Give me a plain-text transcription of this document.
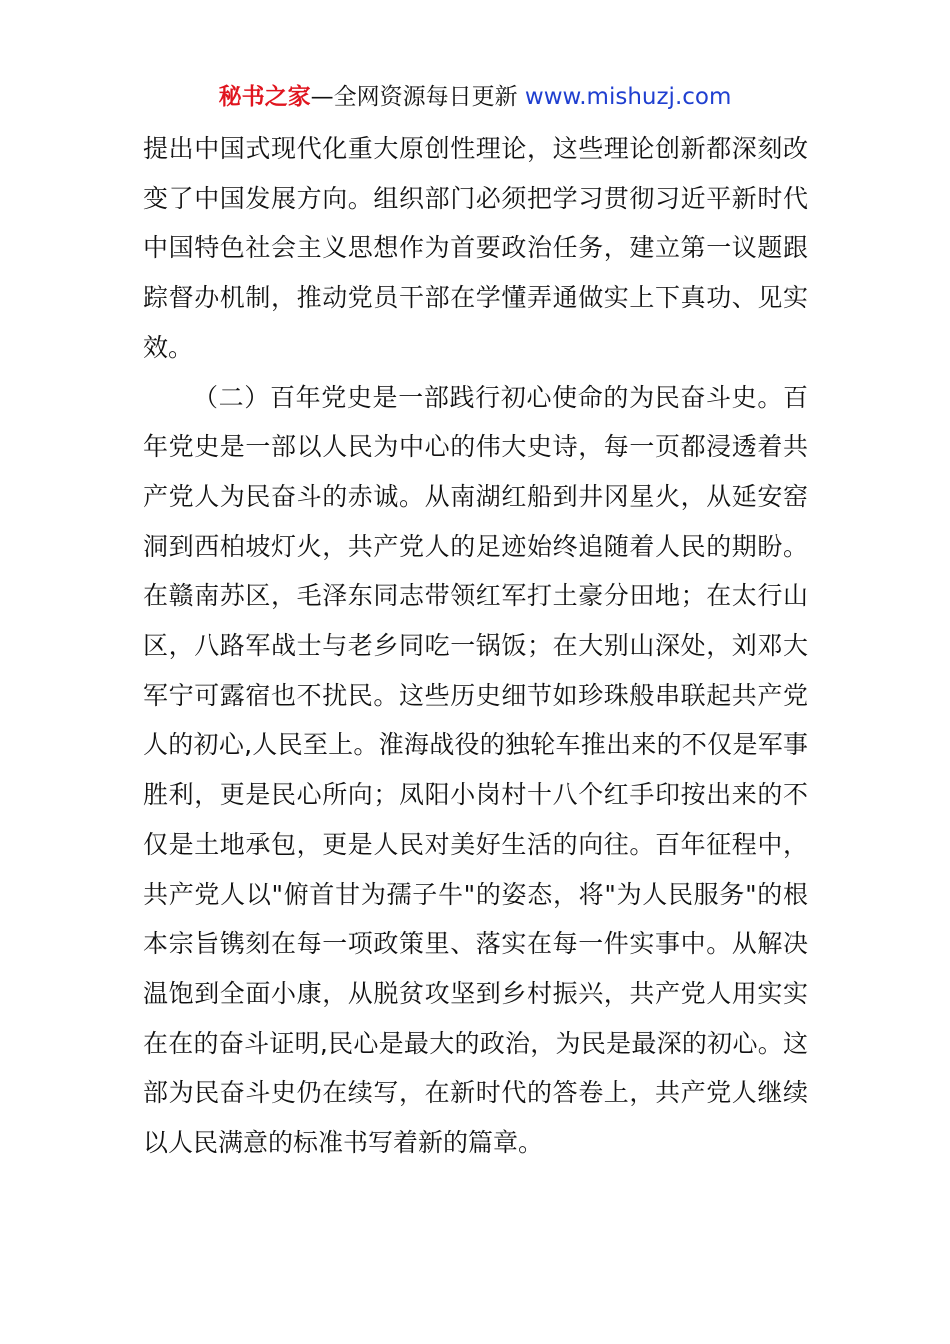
秘书之家—全网资源每日更新 www.mishuzj.com

提出中国式现代化重大原创性理论，这些理论创新都深刻改变了中国发展方向。组织部门必须把学习贯彻习近平新时代中国特色社会主义思想作为首要政治任务，建立第一议题跟踪督办机制，推动党员干部在学懂弄通做实上下真功、见实效。

（二）百年党史是一部践行初心使命的为民奋斗史。百年党史是一部以人民为中心的伟大史诗，每一页都浸透着共产党人为民奋斗的赤诚。从南湖红船到井冈星火，从延安窑洞到西柏坡灯火，共产党人的足迹始终追随着人民的期盼。在赣南苏区，毛泽东同志带领红军打土豪分田地；在太行山区，八路军战士与老乡同吃一锅饭；在大别山深处，刘邓大军宁可露宿也不扰民。这些历史细节如珍珠般串联起共产党人的初心,人民至上。淮海战役的独轮车推出来的不仅是军事胜利，更是民心所向；凤阳小岗村十八个红手印按出来的不仅是土地承包，更是人民对美好生活的向往。百年征程中，共产党人以"俯首甘为孺子牛"的姿态，将"为人民服务"的根本宗旨镌刻在每一项政策里、落实在每一件实事中。从解决温饱到全面小康，从脱贫攻坚到乡村振兴，共产党人用实实在在的奋斗证明,民心是最大的政治，为民是最深的初心。这部为民奋斗史仍在续写，在新时代的答卷上，共产党人继续以人民满意的标准书写着新的篇章。
